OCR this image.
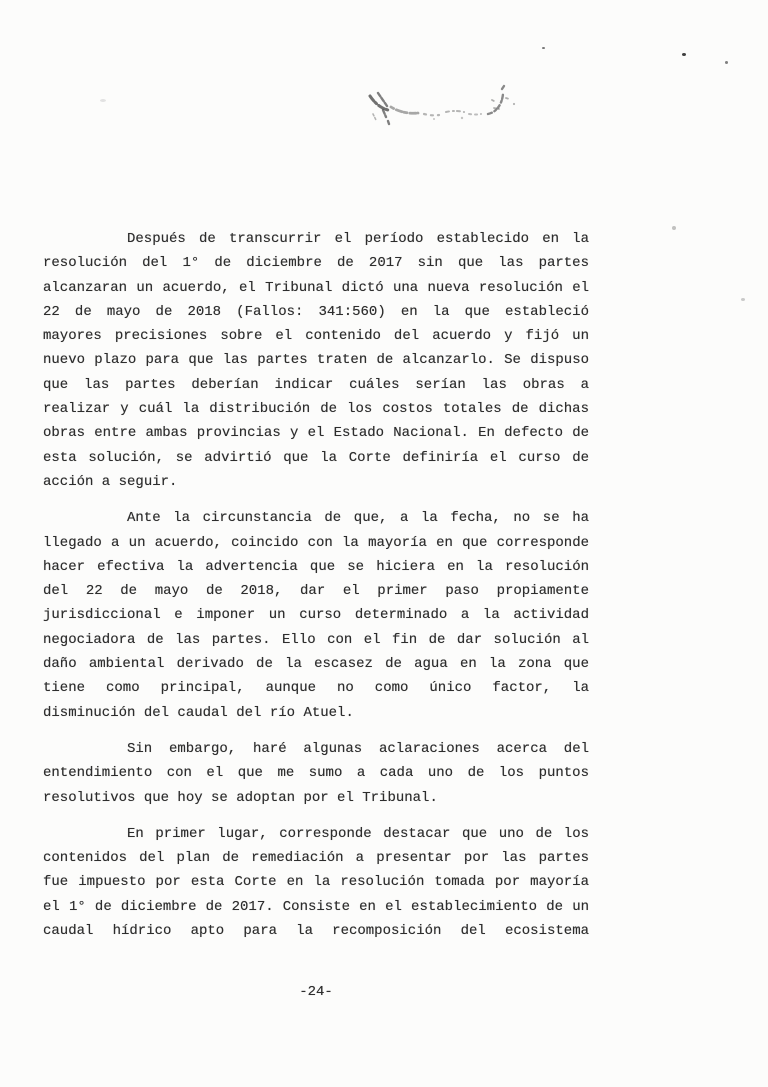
Después de transcurrir el período establecido en la
resolución del 1° de diciembre de 2017 sin que las partes
alcanzaran un acuerdo, el Tribunal dictó una nueva resolución el
22 de mayo de 2018 (Fallos: 341:560) en la que estableció
mayores precisiones sobre el contenido del acuerdo y fijó un
nuevo plazo para que las partes traten de alcanzarlo. Se dispuso
que las partes deberían indicar cuáles serían las obras a
realizar y cuál la distribución de los costos totales de dichas
obras entre ambas provincias y el Estado Nacional. En defecto de
esta solución, se advirtió que la Corte definiría el curso de
acción a seguir.
Ante la circunstancia de que, a la fecha, no se ha
llegado a un acuerdo, coincido con la mayoría en que corresponde
hacer efectiva la advertencia que se hiciera en la resolución
del 22 de mayo de 2018, dar el primer paso propiamente
jurisdiccional e imponer un curso determinado a la actividad
negociadora de las partes. Ello con el fin de dar solución al
daño ambiental derivado de la escasez de agua en la zona que
tiene como principal, aunque no como único factor, la
disminución del caudal del río Atuel.
Sin embargo, haré algunas aclaraciones acerca del
entendimiento con el que me sumo a cada uno de los puntos
resolutivos que hoy se adoptan por el Tribunal.
En primer lugar, corresponde destacar que uno de los
contenidos del plan de remediación a presentar por las partes
fue impuesto por esta Corte en la resolución tomada por mayoría
el 1° de diciembre de 2017. Consiste en el establecimiento de un
caudal hídrico apto para la recomposición del ecosistema
-24-
